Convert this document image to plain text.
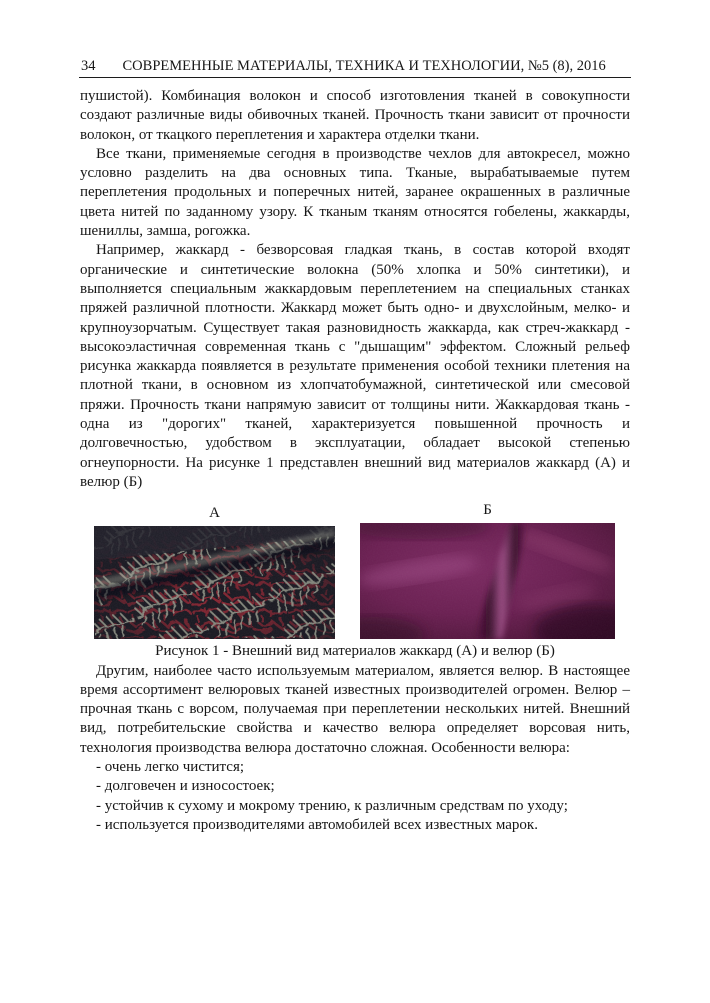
34 СОВРЕМЕННЫЕ МАТЕРИАЛЫ, ТЕХНИКА И ТЕХНОЛОГИИ, №5 (8), 2016

пушистой). Комбинация волокон и способ изготовления тканей в совокупности создают различные виды обивочных тканей. Прочность ткани зависит от прочности волокон, от ткацкого переплетения и характера отделки ткани.

Все ткани, применяемые сегодня в производстве чехлов для автокресел, можно условно разделить на два основных типа. Тканые, вырабатываемые путем переплетения продольных и поперечных нитей, заранее окрашенных в различные цвета нитей по заданному узору. К тканым тканям относятся гобелены, жаккарды, шениллы, замша, рогожка.

Например, жаккард - безворсовая гладкая ткань, в состав которой входят органические и синтетические волокна (50% хлопка и 50% синтетики), и выполняется специальным жаккардовым переплетением на специальных станках пряжей различной плотности. Жаккард может быть одно- и двухслойным, мелко- и крупноузорчатым. Существует такая разновидность жаккарда, как стреч-жаккард - высокоэластичная современная ткань с "дышащим" эффектом. Сложный рельеф рисунка жаккарда появляется в результате применения особой техники плетения на плотной ткани, в основном из хлопчатобумажной, синтетической или смесовой пряжи. Прочность ткани напрямую зависит от толщины нити. Жаккардовая ткань - одна из "дорогих" тканей, характеризуется повышенной прочность и долговечностью, удобством в эксплуатации, обладает высокой степенью огнеупорности. На рисунке 1 представлен внешний вид материалов жаккард (А) и велюр (Б)

А	Б
Рисунок 1 - Внешний вид материалов жаккард (А) и велюр (Б)

Другим, наиболее часто используемым материалом, является велюр. В настоящее время ассортимент велюровых тканей известных производителей огромен. Велюр – прочная ткань с ворсом, получаемая при переплетении нескольких нитей. Внешний вид, потребительские свойства и качество велюра определяет ворсовая нить, технология производства велюра достаточно сложная. Особенности велюра:

- очень легко чистится;

- долговечен и износостоек;

- устойчив к сухому и мокрому трению, к различным средствам по уходу;

- используется производителями автомобилей всех известных марок.
